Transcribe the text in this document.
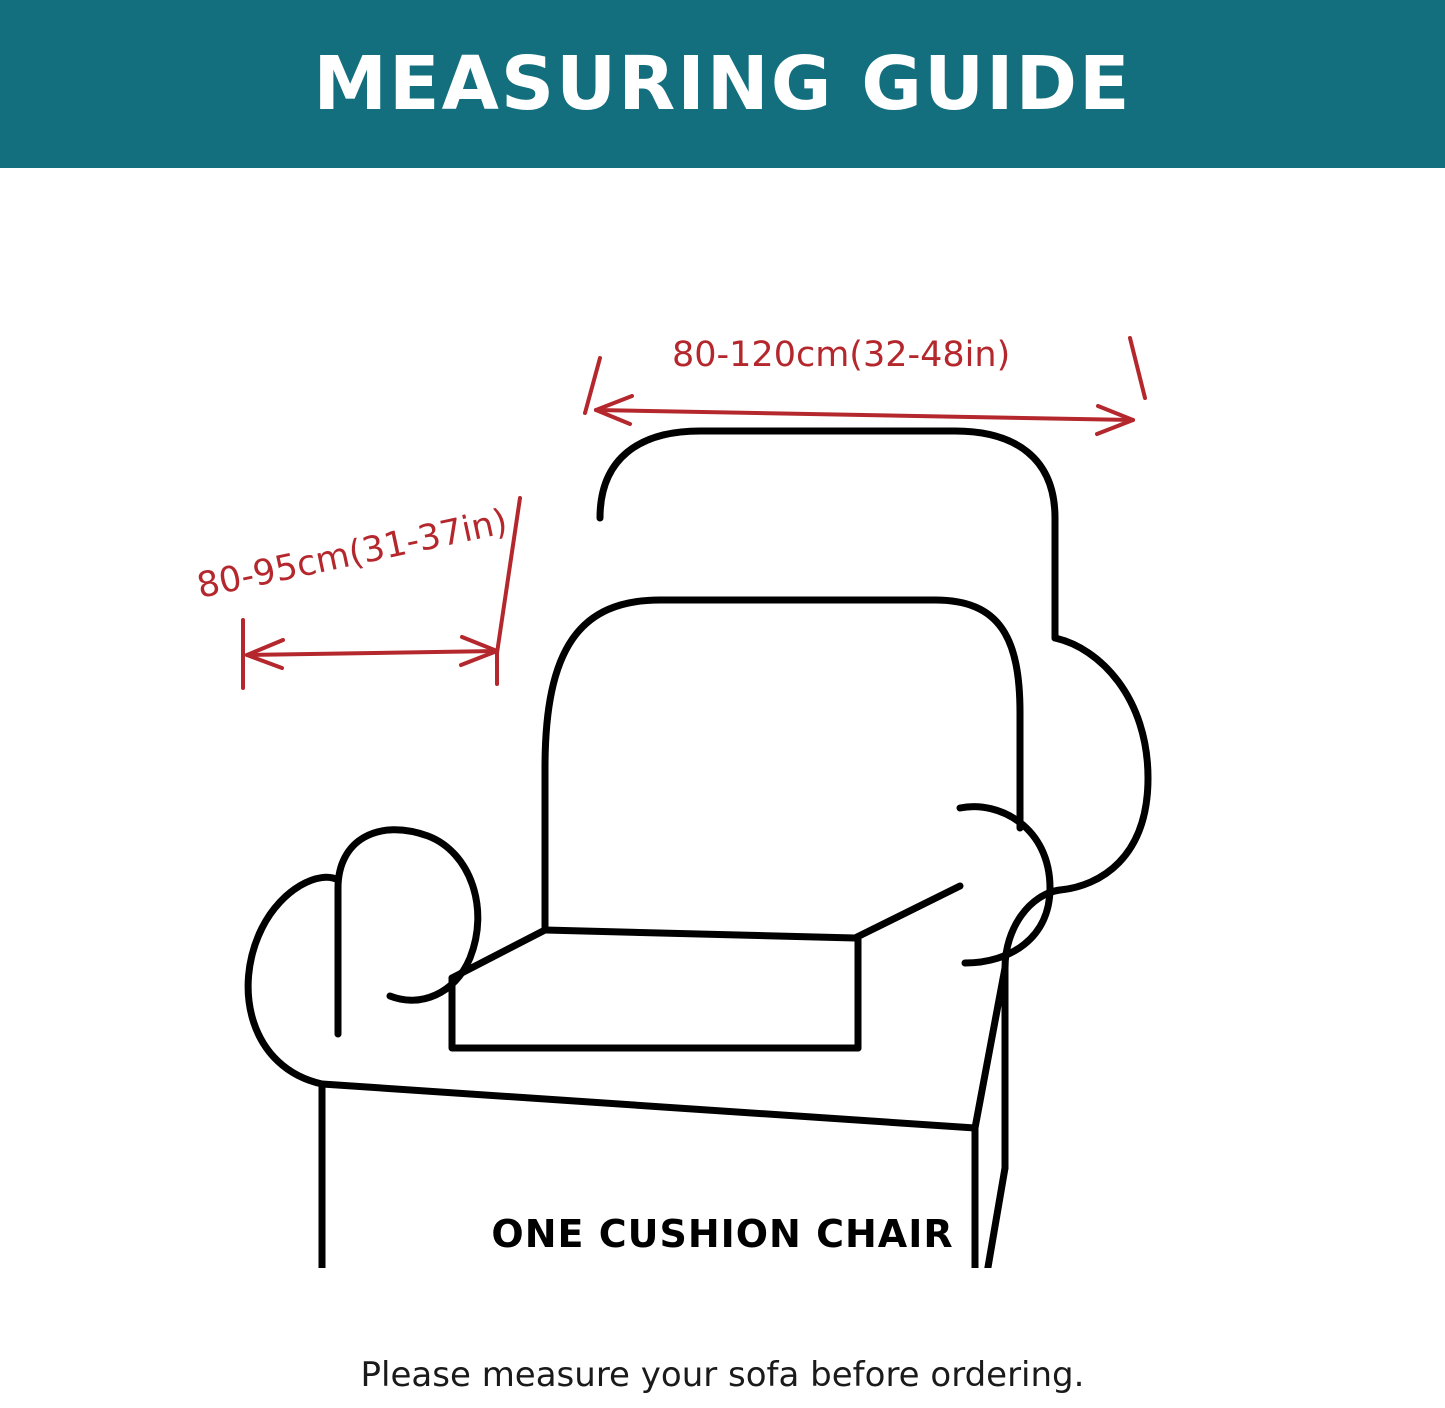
MEASURING GUIDE
80-120cm(32-48in)
80-95cm(31-37in)
ONE CUSHION CHAIR
Please measure your sofa before ordering.
